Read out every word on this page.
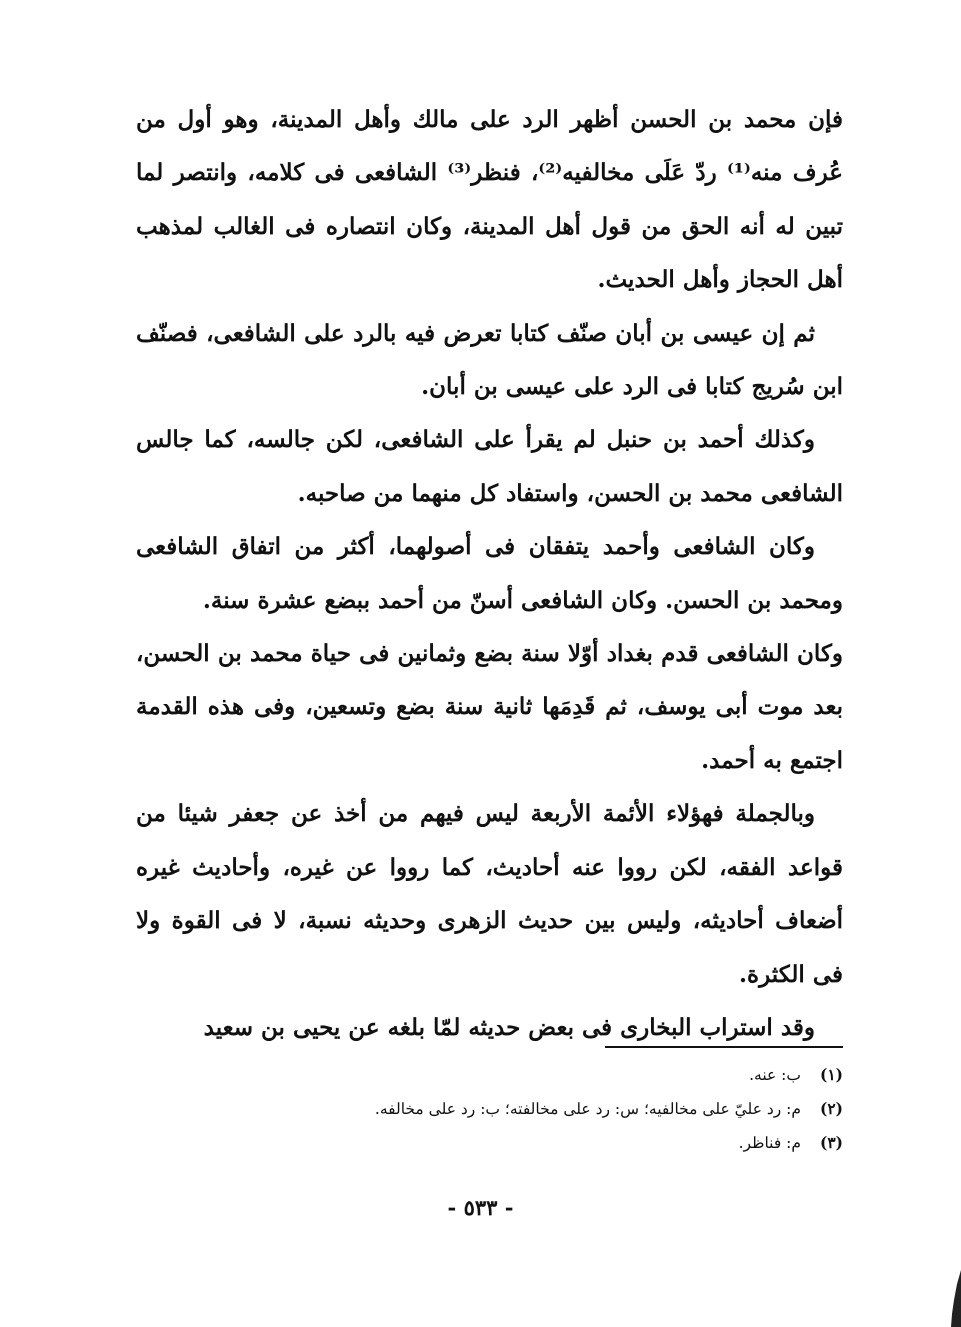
فإن محمد بن الحسن أظهر الرد على مالك وأهل المدينة، وهو أول من عُرف منه⁽¹⁾ ردّ عَلَى مخالفيه⁽²⁾، فنظر⁽³⁾ الشافعى فى كلامه، وانتصر لما تبين له أنه الحق من قول أهل المدينة، وكان انتصاره فى الغالب لمذهب أهل الحجاز وأهل الحديث.

ثم إن عيسى بن أبان صنّف كتابا تعرض فيه بالرد على الشافعى، فصنّف ابن سُريج كتابا فى الرد على عيسى بن أبان.

وكذلك أحمد بن حنبل لم يقرأ على الشافعى، لكن جالسه، كما جالس الشافعى محمد بن الحسن، واستفاد كل منهما من صاحبه.

وكان الشافعى وأحمد يتفقان فى أصولهما، أكثر من اتفاق الشافعى ومحمد بن الحسن. وكان الشافعى أسنّ من أحمد ببضع عشرة سنة.

وكان الشافعى قدم بغداد أوّلا سنة بضع وثمانين فى حياة محمد بن الحسن، بعد موت أبى يوسف، ثم قَدِمَها ثانية سنة بضع وتسعين، وفى هذه القدمة اجتمع به أحمد.

وبالجملة فهؤلاء الأئمة الأربعة ليس فيهم من أخذ عن جعفر شيئا من قواعد الفقه، لكن رووا عنه أحاديث، كما رووا عن غيره، وأحاديث غيره أضعاف أحاديثه، وليس بين حديث الزهرى وحديثه نسبة، لا فى القوة ولا فى الكثرة.

وقد استراب البخارى فى بعض حديثه لمّا بلغه عن يحيى بن سعيد

(١)
ب: عنه.
(٢)
م: رد عليّ على مخالفيه؛ س: رد على مخالفته؛ ب: رد على مخالفه.
(٣)
م: فناظر.
- ٥٣٣ -
